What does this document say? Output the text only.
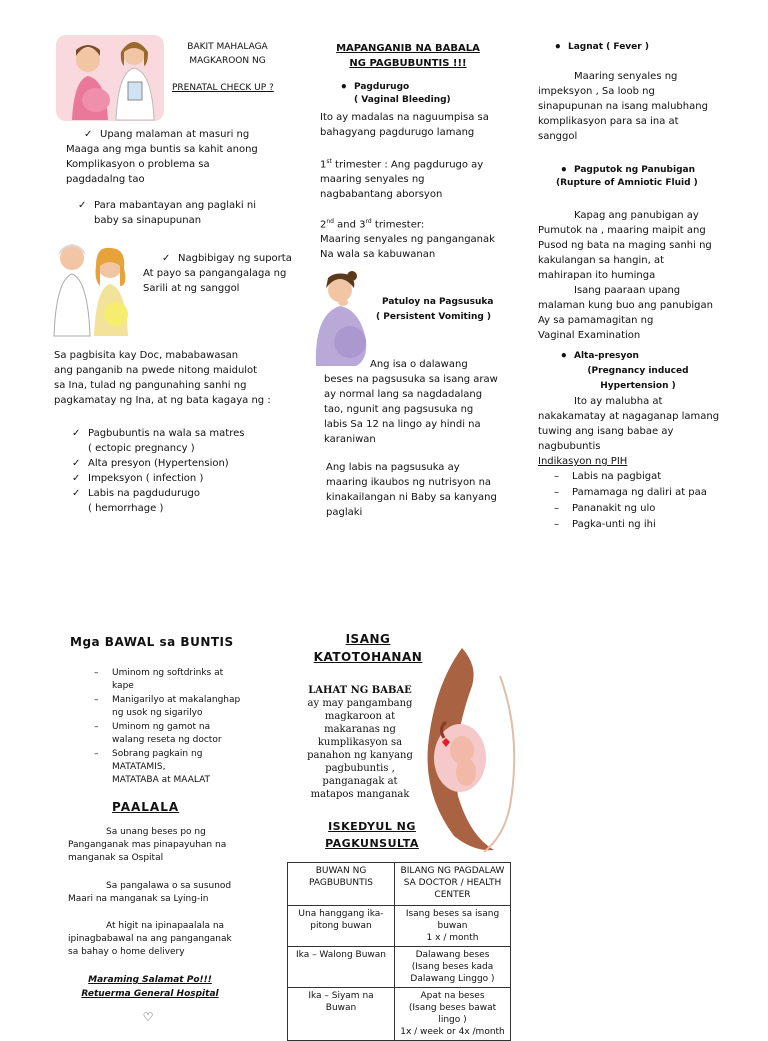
BAKIT MAHALAGA
MAGKAROON NG
PRENATAL CHECK UP ?
✓ Upang malaman at masuri ng
Maaga ang mga buntis sa kahit anong
Komplikasyon o problema sa
pagdadalng tao
✓ Para mabantayan ang paglaki ni
baby sa sinapupunan
✓ Nagbibigay ng suporta
At payo sa pangangalaga ng
Sarili at ng sanggol
Sa pagbisita kay Doc, mababawasan
ang panganib na pwede nitong maidulot
sa Ina, tulad ng pangunahing sanhi ng
pagkamatay ng Ina, at ng bata kagaya ng :
✓ Pagbubuntis na wala sa matres
( ectopic pregnancy )
✓ Alta presyon (Hypertension)
✓ Impeksyon ( infection )
✓ Labis na pagdudurugo
( hemorrhage )
MAPANGANIB NA BABALA
NG PAGBUBUNTIS !!!
• Pagdurugo
( Vaginal Bleeding)
Ito ay madalas na naguumpisa sa
bahagyang pagdurugo lamang
1st trimester : Ang pagdurugo ay
maaring senyales ng
nagbabantang aborsyon
2nd and 3rd trimester:
Maaring senyales ng panganganak
Na wala sa kabuwanan
Patuloy na Pagsusuka
( Persistent Vomiting )
Ang isa o dalawang
beses na pagsusuka sa isang araw
ay normal lang sa nagdadalang
tao, ngunit ang pagsusuka ng
labis Sa 12 na lingo ay hindi na
karaniwan
Ang labis na pagsusuka ay
maaring ikaubos ng nutrisyon na
kinakailangan ni Baby sa kanyang
paglaki
• Lagnat ( Fever )
Maaring senyales ng
impeksyon , Sa loob ng
sinapupunan na isang malubhang
komplikasyon para sa ina at
sanggol
• Pagputok ng Panubigan
(Rupture of Amniotic Fluid )
Kapag ang panubigan ay
Pumutok na , maaring maipit ang
Pusod ng bata na maging sanhi ng
kakulangan sa hangin, at
mahirapan ito huminga
Isang paaraan upang
malaman kung buo ang panubigan
Ay sa pamamagitan ng
Vaginal Examination
• Alta-presyon
(Pregnancy induced
Hypertension )
Ito ay malubha at
nakakamatay at nagaganap lamang
tuwing ang isang babae ay
nagbubuntis
Indikasyon ng PIH
– Labis na pagbigat
– Pamamaga ng daliri at paa
– Pananakit ng ulo
– Pagka-unti ng ihi
Mga BAWAL sa BUNTIS
– Uminom ng softdrinks at
kape
– Manigarilyo at makalanghap
ng usok ng sigarilyo
– Uminom ng gamot na
walang reseta ng doctor
– Sobrang pagkain ng
MATATAMIS,
MATATABA at MAALAT
PAALALA
Sa unang beses po ng
Panganganak mas pinapayuhan na
manganak sa Ospital
Sa pangalawa o sa susunod
Maari na manganak sa Lying-in
At higit na ipinapaalala na
ipinagbabawal na ang panganganak
sa bahay o home delivery
Maraming Salamat Po!!!
Retuerma General Hospital
♡
ISANG
KATOTOHANAN
LAHAT NG BABAE
ay may pangambang
magkaroon at
makaranas ng
kumplikasyon sa
panahon ng kanyang
pagbubuntis ,
panganagak at
matapos manganak
ISKEDYUL NG
PAGKUNSULTA
BUWAN NG
PAGBUBUNTIS	BILANG NG PAGDALAW
SA DOCTOR / HEALTH
CENTER
Una hanggang ika-
pitong buwan	Isang beses sa isang
buwan
1 x / month
Ika – Walong Buwan	Dalawang beses
(Isang beses kada
Dalawang Linggo )
Ika – Siyam na
Buwan	Apat na beses
(Isang beses bawat lingo )
1x / week or 4x /month
